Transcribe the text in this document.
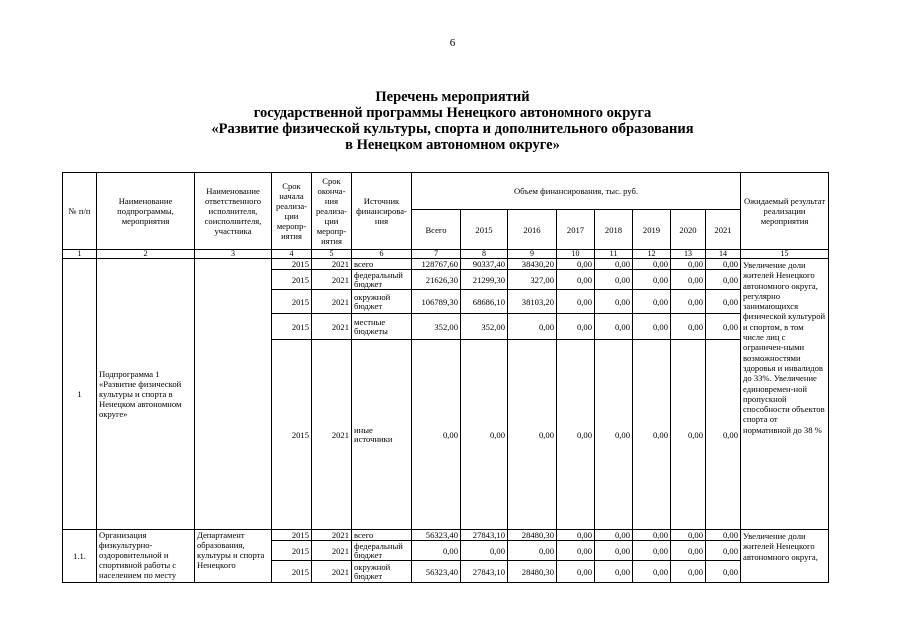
6
Перечень мероприятий
государственной программы Ненецкого автономного округа
«Развитие физической культуры, спорта и дополнительного образования
в Ненецком автономном округе»
№ п/п	Наименование подпрограммы, мероприятия	Наименование ответственного исполнителя, соисполнителя, участника	Срок начала реализа-ции меропр-иятия	Срок оконча-ния реализа-ции меропр-иятия	Источник финансирова-ния	Объем финансирования, тыс. руб.								Ожидаемый результат реализации мероприятия
						Всего	2015	2016	2017	2018	2019	2020	2021	
1	2	3	4	5	6	7	8	9	10	11	12	13	14	15
1	Подпрограмма 1 «Развитие физической культуры и спорта в Ненецком автономном округе»		2015	2021	всего	128767,60	90337,40	38430,20	0,00	0,00	0,00	0,00	0,00	Увеличение доли жителей Ненецкого автономного округа, регулярно занимающихся физической культурой и спортом, в том числе лиц с ограничен-ными возможностями здоровья и инвалидов до 33%. Увеличение единовремен-ной пропускной способности объектов спорта от нормативной до 38 %
			2015	2021	федеральный бюджет	21626,30	21299,30	327,00	0,00	0,00	0,00	0,00	0,00	
			2015	2021	окружной бюджет	106789,30	68686,10	38103,20	0,00	0,00	0,00	0,00	0,00	
			2015	2021	местные бюджеты	352,00	352,00	0,00	0,00	0,00	0,00	0,00	0,00	
			2015	2021	иные источники	0,00	0,00	0,00	0,00	0,00	0,00	0,00	0,00	
1.1.	Организация физкультурно-оздоровительной и спортивной работы с населением по месту	Департамент образования, культуры и спорта Ненецкого	2015	2021	всего	56323,40	27843,10	28480,30	0,00	0,00	0,00	0,00	0,00	Увеличение доли жителей Ненецкого автономного округа,
			2015	2021	федеральный бюджет	0,00	0,00	0,00	0,00	0,00	0,00	0,00	0,00	
			2015	2021	окружной бюджет	56323,40	27843,10	28480,30	0,00	0,00	0,00	0,00	0,00	
